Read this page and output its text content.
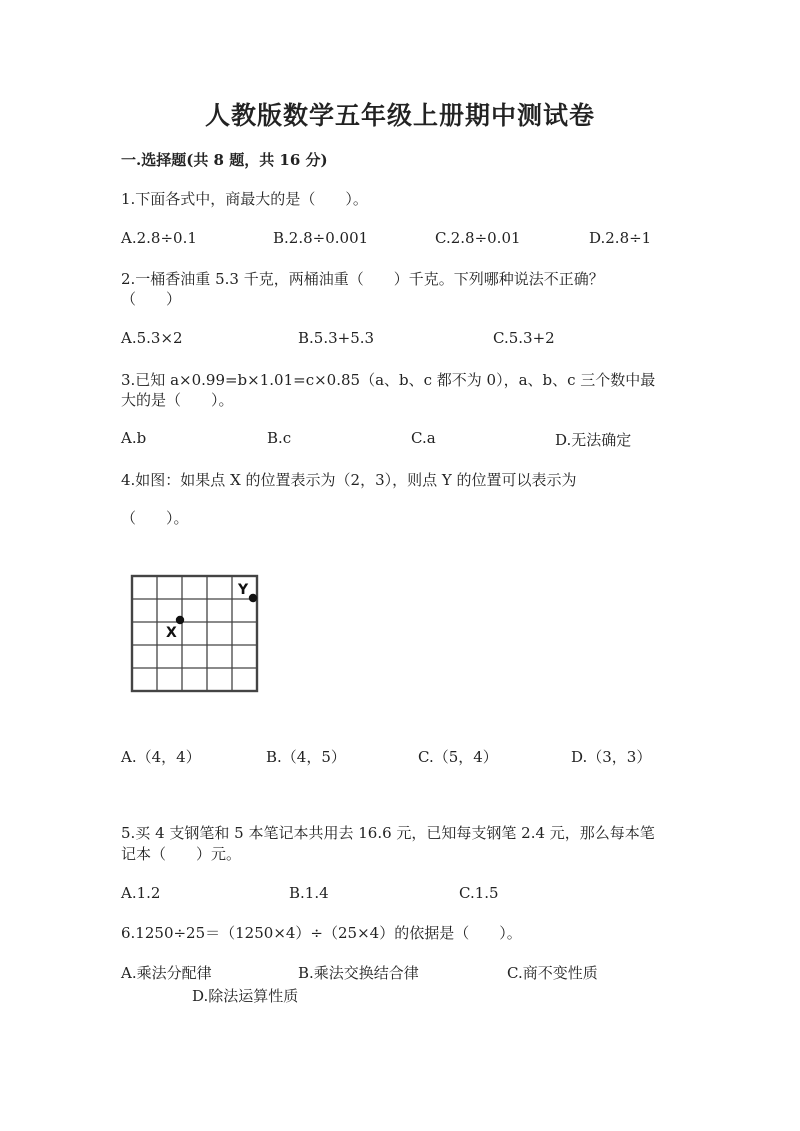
人教版数学五年级上册期中测试卷
一.选择题(共 8 题，共 16 分)
1.下面各式中，商最大的是（　　）。
A.2.8÷0.1	B.2.8÷0.001	C.2.8÷0.01	D.2.8÷1
2.一桶香油重 5.3 千克，两桶油重（　　）千克。下列哪种说法不正确？
（　　）
A.5.3×2	B.5.3+5.3	C.5.3+2
3.已知 a×0.99=b×1.01=c×0.85（a、b、c 都不为 0），a、b、c 三个数中最
大的是（　　）。
A.b	B.c	C.a	D.无法确定
4.如图：如果点 X 的位置表示为（2，3），则点 Y 的位置可以表示为
（　　）。
X
Y
A.（4，4）	B.（4，5）	C.（5，4）	D.（3，3）
5.买 4 支钢笔和 5 本笔记本共用去 16.6 元，已知每支钢笔 2.4 元，那么每本笔
记本（　　）元。
A.1.2	B.1.4	C.1.5
6.1250÷25＝（1250×4）÷（25×4）的依据是（　　）。
A.乘法分配律	B.乘法交换结合律	C.商不变性质
D.除法运算性质
